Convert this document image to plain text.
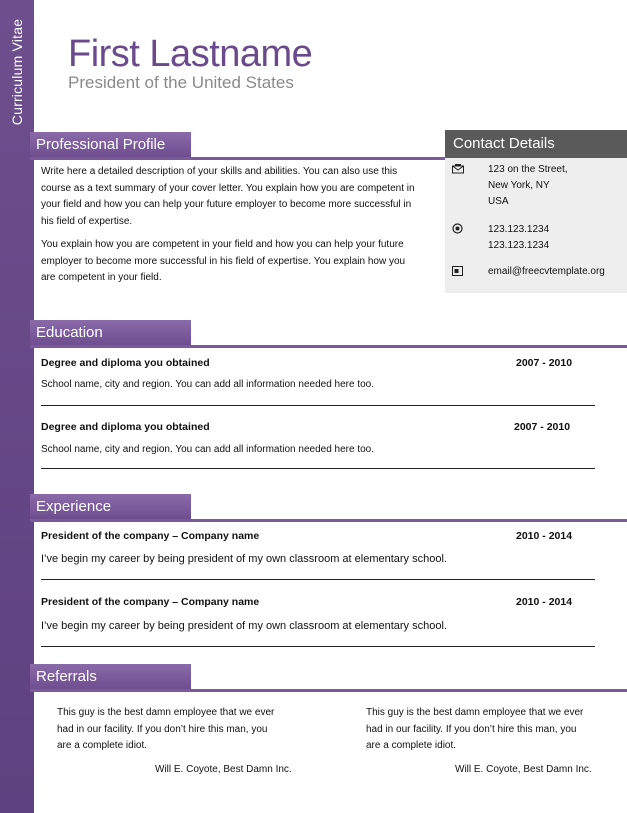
Curriculum Vitae First Lastname
President of the United States
Professional Profile
Write here a detailed description of your skills and abilities. You can also use this
course as a text summary of your cover letter. You explain how you are competent in
your field and how you can help your future employer to become more successful in
his field of expertise.
You explain how you are competent in your field and how you can help your future
employer to become more successful in his field of expertise. You explain how you
are competent in your field.
Contact Details
123 on the Street,
New York, NY
USA
123.123.1234
123.123.1234
email@freecvtemplate.org
Education
Degree and diploma you obtained	2007 - 2010
School name, city and region. You can add all information needed here too.
Degree and diploma you obtained	2007 - 2010
School name, city and region. You can add all information needed here too.
Experience
President of the company – Company name	2010 - 2014
I’ve begin my career by being president of my own classroom at elementary school.
President of the company – Company name	2010 - 2014
I’ve begin my career by being president of my own classroom at elementary school.
Referrals
This guy is the best damn employee that we ever
had in our facility. If you don’t hire this man, you
are a complete idiot.
Will E. Coyote, Best Damn Inc.
This guy is the best damn employee that we ever
had in our facility. If you don’t hire this man, you
are a complete idiot.
Will E. Coyote, Best Damn Inc.
